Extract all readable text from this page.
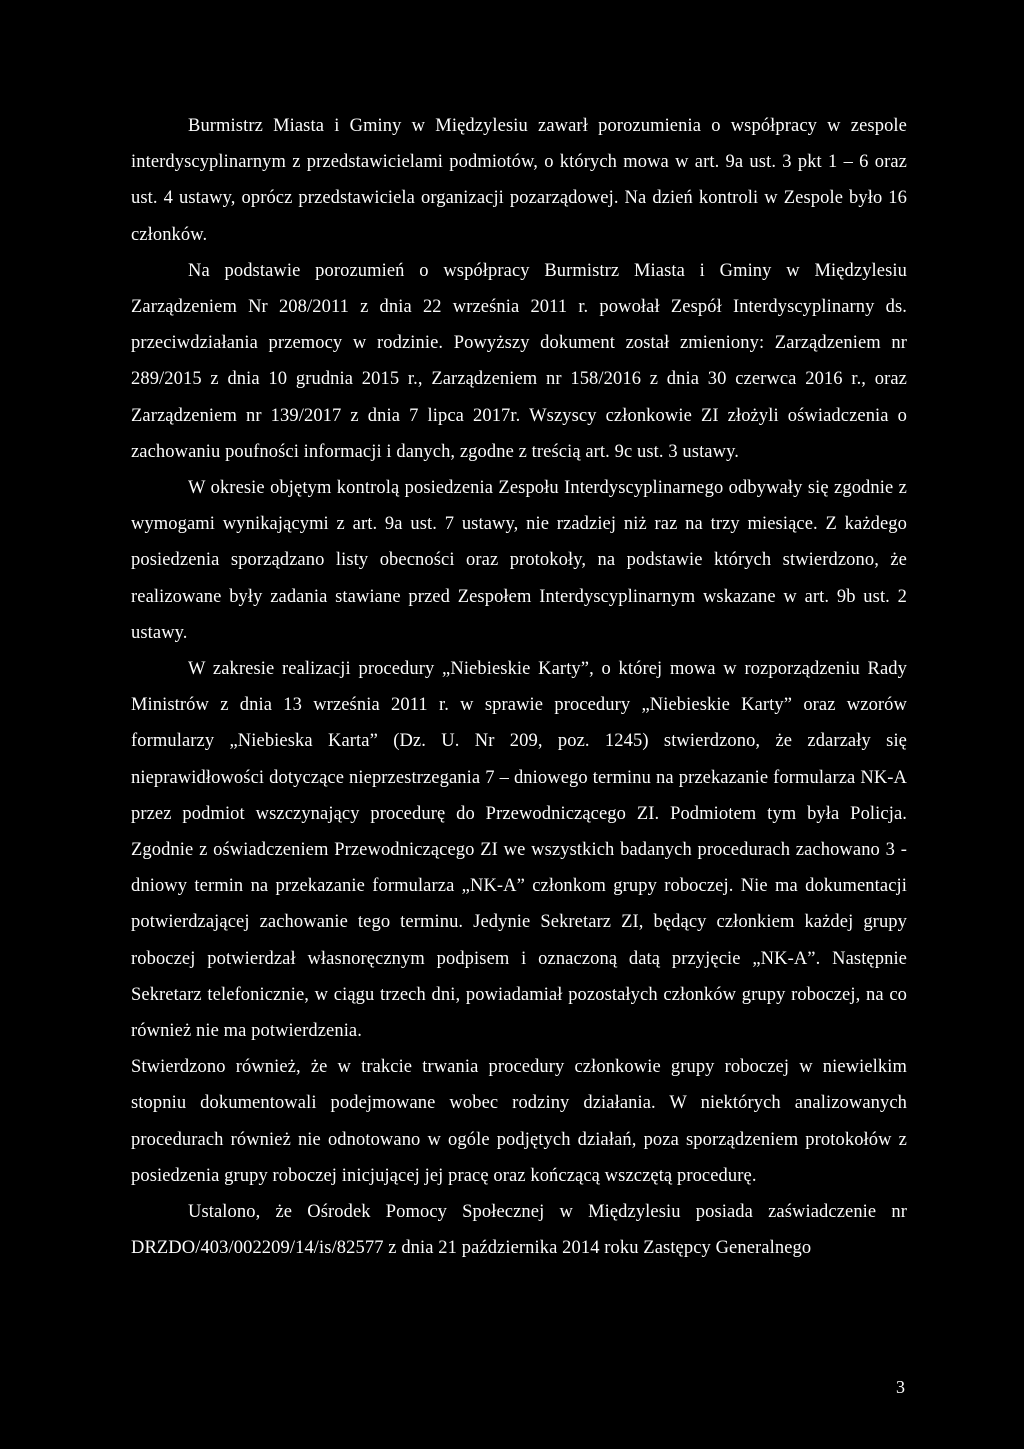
Burmistrz Miasta i Gminy w Międzylesiu zawarł porozumienia o współpracy w zespole interdyscyplinarnym z przedstawicielami podmiotów, o których mowa w art. 9a ust. 3 pkt 1 – 6 oraz ust. 4 ustawy, oprócz przedstawiciela organizacji pozarządowej. Na dzień kontroli w Zespole było 16 członków.

Na podstawie porozumień o współpracy Burmistrz Miasta i Gminy w Międzylesiu Zarządzeniem Nr 208/2011 z dnia 22 września 2011 r. powołał Zespół Interdyscyplinarny ds. przeciwdziałania przemocy w rodzinie. Powyższy dokument został zmieniony: Zarządzeniem nr 289/2015 z dnia 10 grudnia 2015 r., Zarządzeniem nr 158/2016 z dnia 30 czerwca 2016 r., oraz Zarządzeniem nr 139/2017 z dnia 7 lipca 2017r. Wszyscy członkowie ZI złożyli oświadczenia o zachowaniu poufności informacji i danych, zgodne z treścią art. 9c ust. 3 ustawy.

W okresie objętym kontrolą posiedzenia Zespołu Interdyscyplinarnego odbywały się zgodnie z wymogami wynikającymi z art. 9a ust. 7 ustawy, nie rzadziej niż raz na trzy miesiące. Z każdego posiedzenia sporządzano listy obecności oraz protokoły, na podstawie których stwierdzono, że realizowane były zadania stawiane przed Zespołem Interdyscyplinarnym wskazane w art. 9b ust. 2 ustawy.

W zakresie realizacji procedury „Niebieskie Karty”, o której mowa w rozporządzeniu Rady Ministrów z dnia 13 września 2011 r. w sprawie procedury „Niebieskie Karty” oraz wzorów formularzy „Niebieska Karta” (Dz. U. Nr 209, poz. 1245) stwierdzono, że zdarzały się nieprawidłowości dotyczące nieprzestrzegania 7 – dniowego terminu na przekazanie formularza NK-A przez podmiot wszczynający procedurę do Przewodniczącego ZI. Podmiotem tym była Policja. Zgodnie z oświadczeniem Przewodniczącego ZI we wszystkich badanych procedurach zachowano 3 - dniowy termin na przekazanie formularza „NK-A” członkom grupy roboczej. Nie ma dokumentacji potwierdzającej zachowanie tego terminu. Jedynie Sekretarz ZI, będący członkiem każdej grupy roboczej potwierdzał własnoręcznym podpisem i oznaczoną datą przyjęcie „NK-A”. Następnie Sekretarz telefonicznie, w ciągu trzech dni, powiadamiał pozostałych członków grupy roboczej, na co również nie ma potwierdzenia.

Stwierdzono również, że w trakcie trwania procedury członkowie grupy roboczej w niewielkim stopniu dokumentowali podejmowane wobec rodziny działania. W niektórych analizowanych procedurach również nie odnotowano w ogóle podjętych działań, poza sporządzeniem protokołów z posiedzenia grupy roboczej inicjującej jej pracę oraz kończącą wszczętą procedurę.

Ustalono, że Ośrodek Pomocy Społecznej w Międzylesiu posiada zaświadczenie nr DRZDO/403/002209/14/is/82577 z dnia 21 października 2014 roku Zastępcy Generalnego

3
